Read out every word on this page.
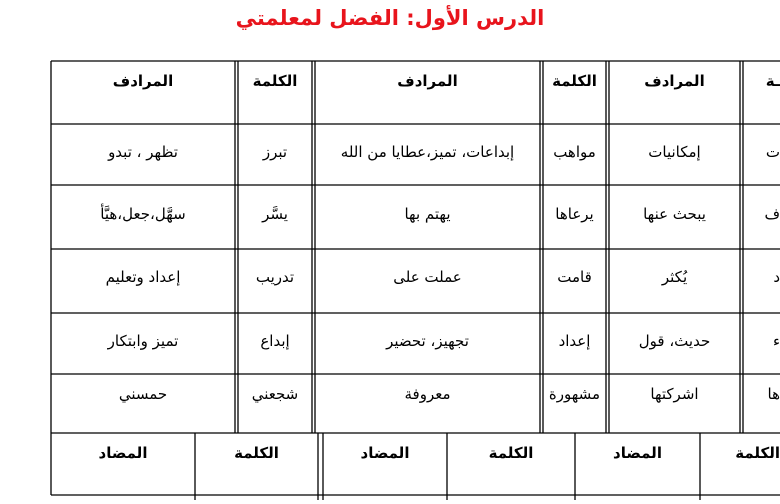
الدرس الأول: الفضل لمعلمتي
المرادف	الكلمة	المرادف	الكلمة	المرادف	ـة
تظهر ، تبدو	تبرز	إبداعات، تميز،عطايا من الله	مواهب	إمكانيات	ت
سهَّل،جعل،هيَّأ	يسَّر	يهتم بها	يرعاها	يبحث عنها	ف
إعداد وتعليم	تدريب	عملت على	قامت	يُكثر	د
تميز وابتكار	إبداع	تجهيز، تحضير	إعداد	حديث، قول	ء
حمسني	شجعني	معروفة	مشهورة	اشركتها	ها
المضاد	الكلمة	المضاد	الكلمة	المضاد	الكلمة
